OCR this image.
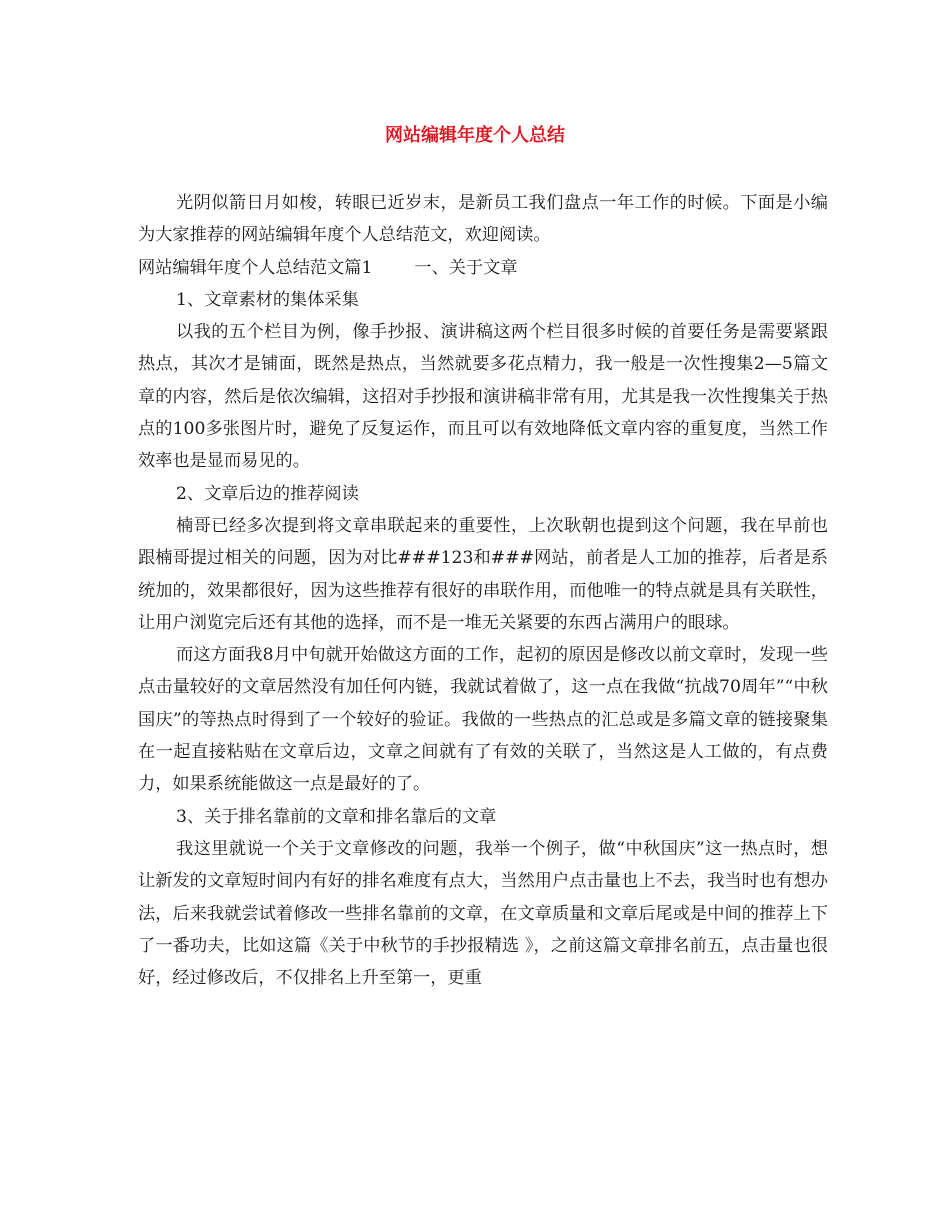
网站编辑年度个人总结

光阴似箭日月如梭，转眼已近岁末，是新员工我们盘点一年工作的时候。下面是小编为大家推荐的网站编辑年度个人总结范文，欢迎阅读。

网站编辑年度个人总结范文篇1 一、关于文章

1、文章素材的集体采集

以我的五个栏目为例，像手抄报、演讲稿这两个栏目很多时候的首要任务是需要紧跟热点，其次才是铺面，既然是热点，当然就要多花点精力，我一般是一次性搜集2—5篇文章的内容，然后是依次编辑，这招对手抄报和演讲稿非常有用，尤其是我一次性搜集关于热点的100多张图片时，避免了反复运作，而且可以有效地降低文章内容的重复度，当然工作效率也是显而易见的。

2、文章后边的推荐阅读

楠哥已经多次提到将文章串联起来的重要性，上次耿朝也提到这个问题，我在早前也跟楠哥提过相关的问题，因为对比###123和###网站，前者是人工加的推荐，后者是系统加的，效果都很好，因为这些推荐有很好的串联作用，而他唯一的特点就是具有关联性，让用户浏览完后还有其他的选择，而不是一堆无关紧要的东西占满用户的眼球。

而这方面我8月中旬就开始做这方面的工作，起初的原因是修改以前文章时，发现一些点击量较好的文章居然没有加任何内链，我就试着做了，这一点在我做“抗战70周年”“中秋国庆”的等热点时得到了一个较好的验证。我做的一些热点的汇总或是多篇文章的链接聚集在一起直接粘贴在文章后边，文章之间就有了有效的关联了，当然这是人工做的，有点费力，如果系统能做这一点是最好的了。

3、关于排名靠前的文章和排名靠后的文章

我这里就说一个关于文章修改的问题，我举一个例子，做“中秋国庆”这一热点时，想让新发的文章短时间内有好的排名难度有点大，当然用户点击量也上不去，我当时也有想办法，后来我就尝试着修改一些排名靠前的文章，在文章质量和文章后尾或是中间的推荐上下了一番功夫，比如这篇《关于中秋节的手抄报精选 》，之前这篇文章排名前五，点击量也很好，经过修改后，不仅排名上升至第一，更重
